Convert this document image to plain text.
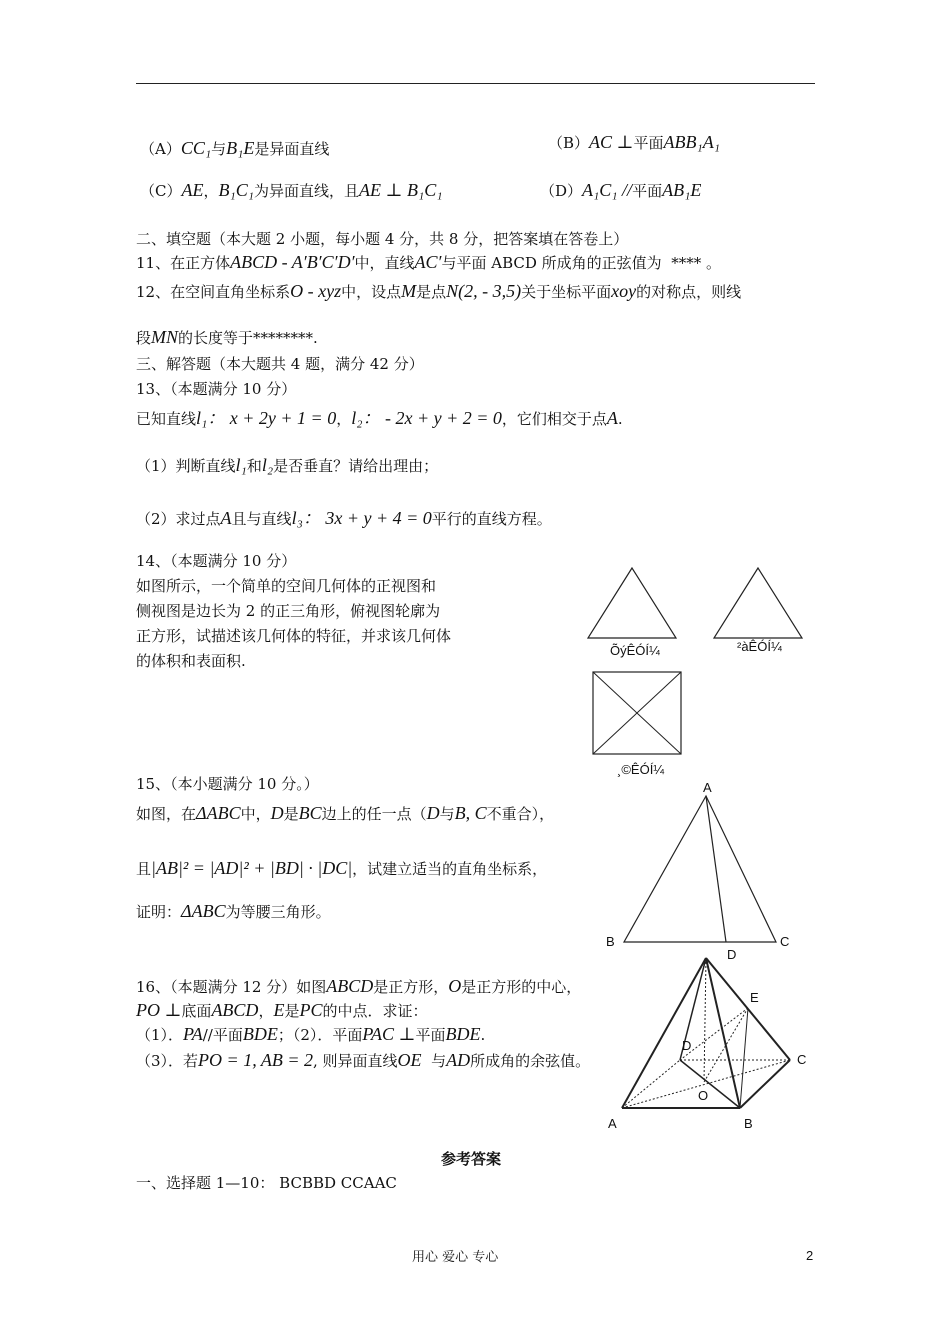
（A）CC₁与B₁E是异面直线	（B）AC ⊥平面ABB₁A₁
（C）AE，B₁C₁为异面直线，且AE ⊥ B₁C₁	（D）A₁C₁ //平面AB₁E
二、填空题（本大题 2 小题，每小题 4 分，共 8 分，把答案填在答卷上）
11、在正方体ABCD - A′B′C′D′中，直线AC′与平面 ABCD 所成角的正弦值为 **** 。
12、在空间直角坐标系O - xyz中，设点M是点N(2, - 3,5)关于坐标平面xoy的对称点，则线
段MN的长度等于********.
三、解答题（本大题共 4 题，满分 42 分）
13、（本题满分 10 分）
已知直线l₁： x + 2y + 1 = 0，l₂： - 2x + y + 2 = 0，它们相交于点A.
（1）判断直线l₁和l₂是否垂直？请给出理由；
（2）求过点A且与直线l₃： 3x + y + 4 = 0平行的直线方程。
14、（本题满分 10 分）
如图所示，一个简单的空间几何体的正视图和
侧视图是边长为 2 的正三角形，俯视图轮廓为
正方形，试描述该几何体的特征，并求该几何体
的体积和表面积.
ÕýÊÓÍ¼	²àÊÓÍ¼
¸©ÊÓÍ¼
15、（本小题满分 10 分。）
如图，在ΔABC中，D是BC边上的任一点（D与B, C不重合），
且|AB|² = |AD|² + |BD| · |DC|，试建立适当的直角坐标系，
证明：ΔABC为等腰三角形。
A
B	C
D
16、（本题满分 12 分）如图ABCD是正方形，O是正方形的中心，
PO ⊥底面ABCD，E是PC的中点．求证：
（1）．PA//平面BDE；（2）．平面PAC ⊥平面BDE.
（3）．若PO = 1, AB = 2, 则异面直线OE 与AD所成角的余弦值。
A	B
C
D
E
O
参考答案
一、选择题 1—10： BCBBD CCAAC
用心 爱心 专心	2
